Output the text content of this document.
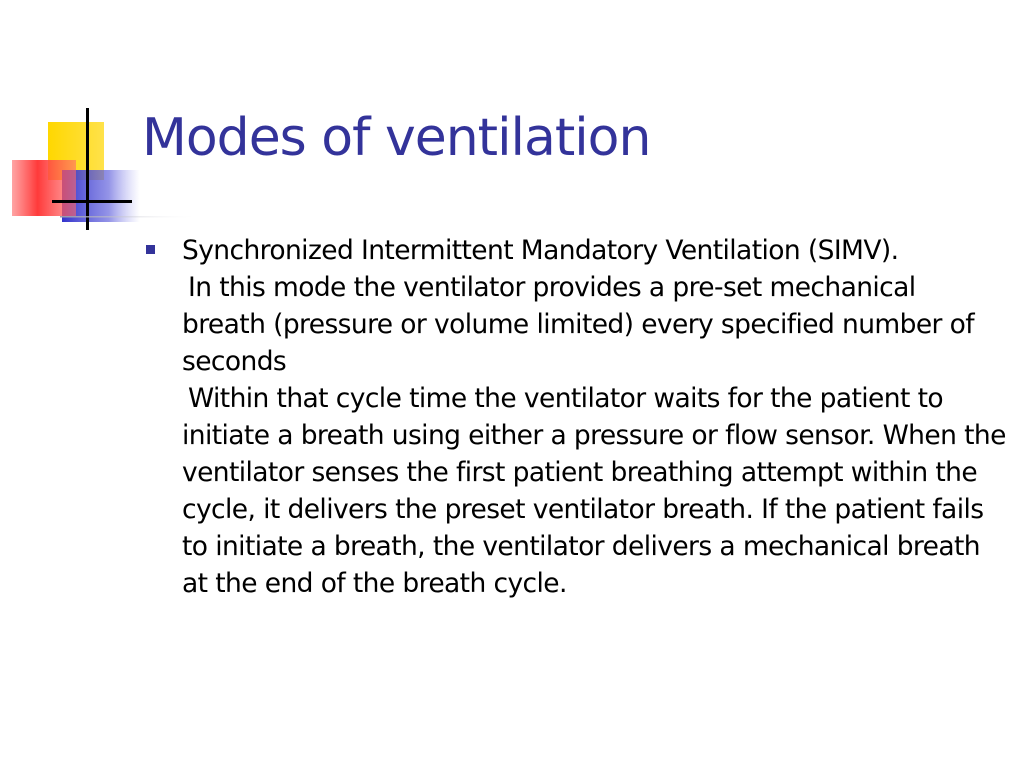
Modes of ventilation

Synchronized Intermittent Mandatory Ventilation (SIMV).

In this mode the ventilator provides a pre-set mechanical breath (pressure or volume limited) every specified number of seconds

Within that cycle time the ventilator waits for the patient to initiate a breath using either a pressure or flow sensor. When the ventilator senses the first patient breathing attempt within the cycle, it delivers the preset ventilator breath. If the patient fails to initiate a breath, the ventilator delivers a mechanical breath at the end of the breath cycle.
